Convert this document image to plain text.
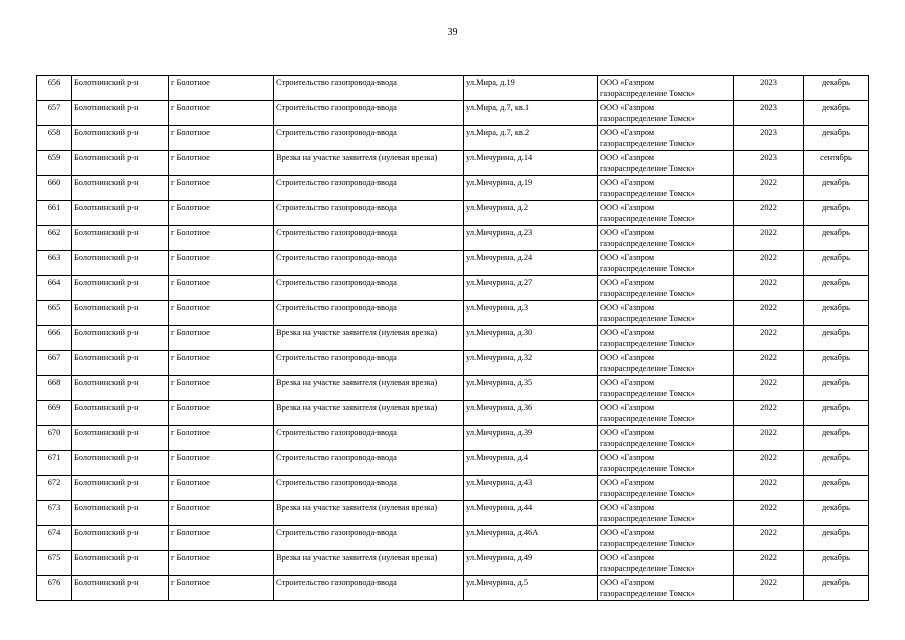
39
656	Болотнинский р-н	г Болотное	Строительство газопровода-ввода	ул.Мира, д.19	ООО «Газпром
газораспределение Томск»	2023	декабрь
657	Болотнинский р-н	г Болотное	Строительство газопровода-ввода	ул.Мира, д.7, кв.1	ООО «Газпром
газораспределение Томск»	2023	декабрь
658	Болотнинский р-н	г Болотное	Строительство газопровода-ввода	ул.Мира, д.7, кв.2	ООО «Газпром
газораспределение Томск»	2023	декабрь
659	Болотнинский р-н	г Болотное	Врезка на участке заявителя (нулевая врезка)	ул.Мичурина, д.14	ООО «Газпром
газораспределение Томск»	2023	сентябрь
660	Болотнинский р-н	г Болотное	Строительство газопровода-ввода	ул.Мичурина, д.19	ООО «Газпром
газораспределение Томск»	2022	декабрь
661	Болотнинский р-н	г Болотное	Строительство газопровода-ввода	ул.Мичурина, д.2	ООО «Газпром
газораспределение Томск»	2022	декабрь
662	Болотнинский р-н	г Болотное	Строительство газопровода-ввода	ул.Мичурина, д.23	ООО «Газпром
газораспределение Томск»	2022	декабрь
663	Болотнинский р-н	г Болотное	Строительство газопровода-ввода	ул.Мичурина, д.24	ООО «Газпром
газораспределение Томск»	2022	декабрь
664	Болотнинский р-н	г Болотное	Строительство газопровода-ввода	ул.Мичурина, д.27	ООО «Газпром
газораспределение Томск»	2022	декабрь
665	Болотнинский р-н	г Болотное	Строительство газопровода-ввода	ул.Мичурина, д.3	ООО «Газпром
газораспределение Томск»	2022	декабрь
666	Болотнинский р-н	г Болотное	Врезка на участке заявителя (нулевая врезка)	ул.Мичурина, д.30	ООО «Газпром
газораспределение Томск»	2022	декабрь
667	Болотнинский р-н	г Болотное	Строительство газопровода-ввода	ул.Мичурина, д.32	ООО «Газпром
газораспределение Томск»	2022	декабрь
668	Болотнинский р-н	г Болотное	Врезка на участке заявителя (нулевая врезка)	ул.Мичурина, д.35	ООО «Газпром
газораспределение Томск»	2022	декабрь
669	Болотнинский р-н	г Болотное	Врезка на участке заявителя (нулевая врезка)	ул.Мичурина, д.36	ООО «Газпром
газораспределение Томск»	2022	декабрь
670	Болотнинский р-н	г Болотное	Строительство газопровода-ввода	ул.Мичурина, д.39	ООО «Газпром
газораспределение Томск»	2022	декабрь
671	Болотнинский р-н	г Болотное	Строительство газопровода-ввода	ул.Мичурина, д.4	ООО «Газпром
газораспределение Томск»	2022	декабрь
672	Болотнинский р-н	г Болотное	Строительство газопровода-ввода	ул.Мичурина, д.43	ООО «Газпром
газораспределение Томск»	2022	декабрь
673	Болотнинский р-н	г Болотное	Врезка на участке заявителя (нулевая врезка)	ул.Мичурина, д.44	ООО «Газпром
газораспределение Томск»	2022	декабрь
674	Болотнинский р-н	г Болотное	Строительство газопровода-ввода	ул.Мичурина, д.46А	ООО «Газпром
газораспределение Томск»	2022	декабрь
675	Болотнинский р-н	г Болотное	Врезка на участке заявителя (нулевая врезка)	ул.Мичурина, д.49	ООО «Газпром
газораспределение Томск»	2022	декабрь
676	Болотнинский р-н	г Болотное	Строительство газопровода-ввода	ул.Мичурина, д.5	ООО «Газпром
газораспределение Томск»	2022	декабрь
